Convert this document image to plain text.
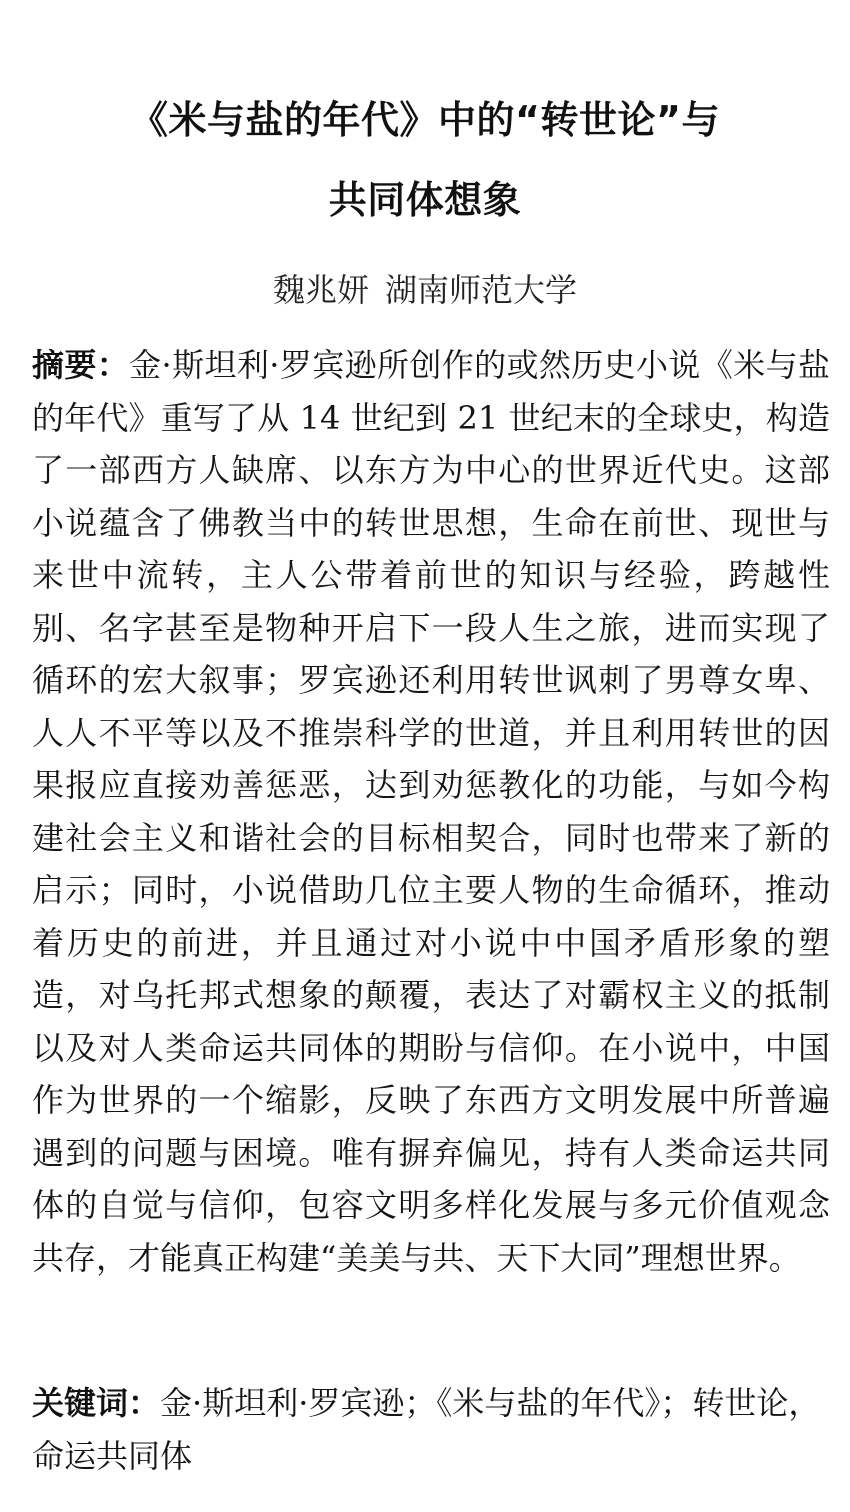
《米与盐的年代》中的“转世论”与
共同体想象
魏兆妍 湖南师范大学

摘要：金·斯坦利·罗宾逊所创作的或然历史小说《米与盐的年代》重写了从 14 世纪到 21 世纪末的全球史，构造了一部西方人缺席、以东方为中心的世界近代史。这部小说蕴含了佛教当中的转世思想，生命在前世、现世与来世中流转，主人公带着前世的知识与经验，跨越性别、名字甚至是物种开启下一段人生之旅，进而实现了循环的宏大叙事；罗宾逊还利用转世讽刺了男尊女卑、人人不平等以及不推崇科学的世道，并且利用转世的因果报应直接劝善惩恶，达到劝惩教化的功能，与如今构建社会主义和谐社会的目标相契合，同时也带来了新的启示；同时，小说借助几位主要人物的生命循环，推动着历史的前进，并且通过对小说中中国矛盾形象的塑造，对乌托邦式想象的颠覆，表达了对霸权主义的抵制以及对人类命运共同体的期盼与信仰。在小说中，中国作为世界的一个缩影，反映了东西方文明发展中所普遍遇到的问题与困境。唯有摒弃偏见，持有人类命运共同体的自觉与信仰，包容文明多样化发展与多元价值观念共存，才能真正构建“美美与共、天下大同”理想世界。

关键词：金·斯坦利·罗宾逊；《米与盐的年代》；转世论，命运共同体
